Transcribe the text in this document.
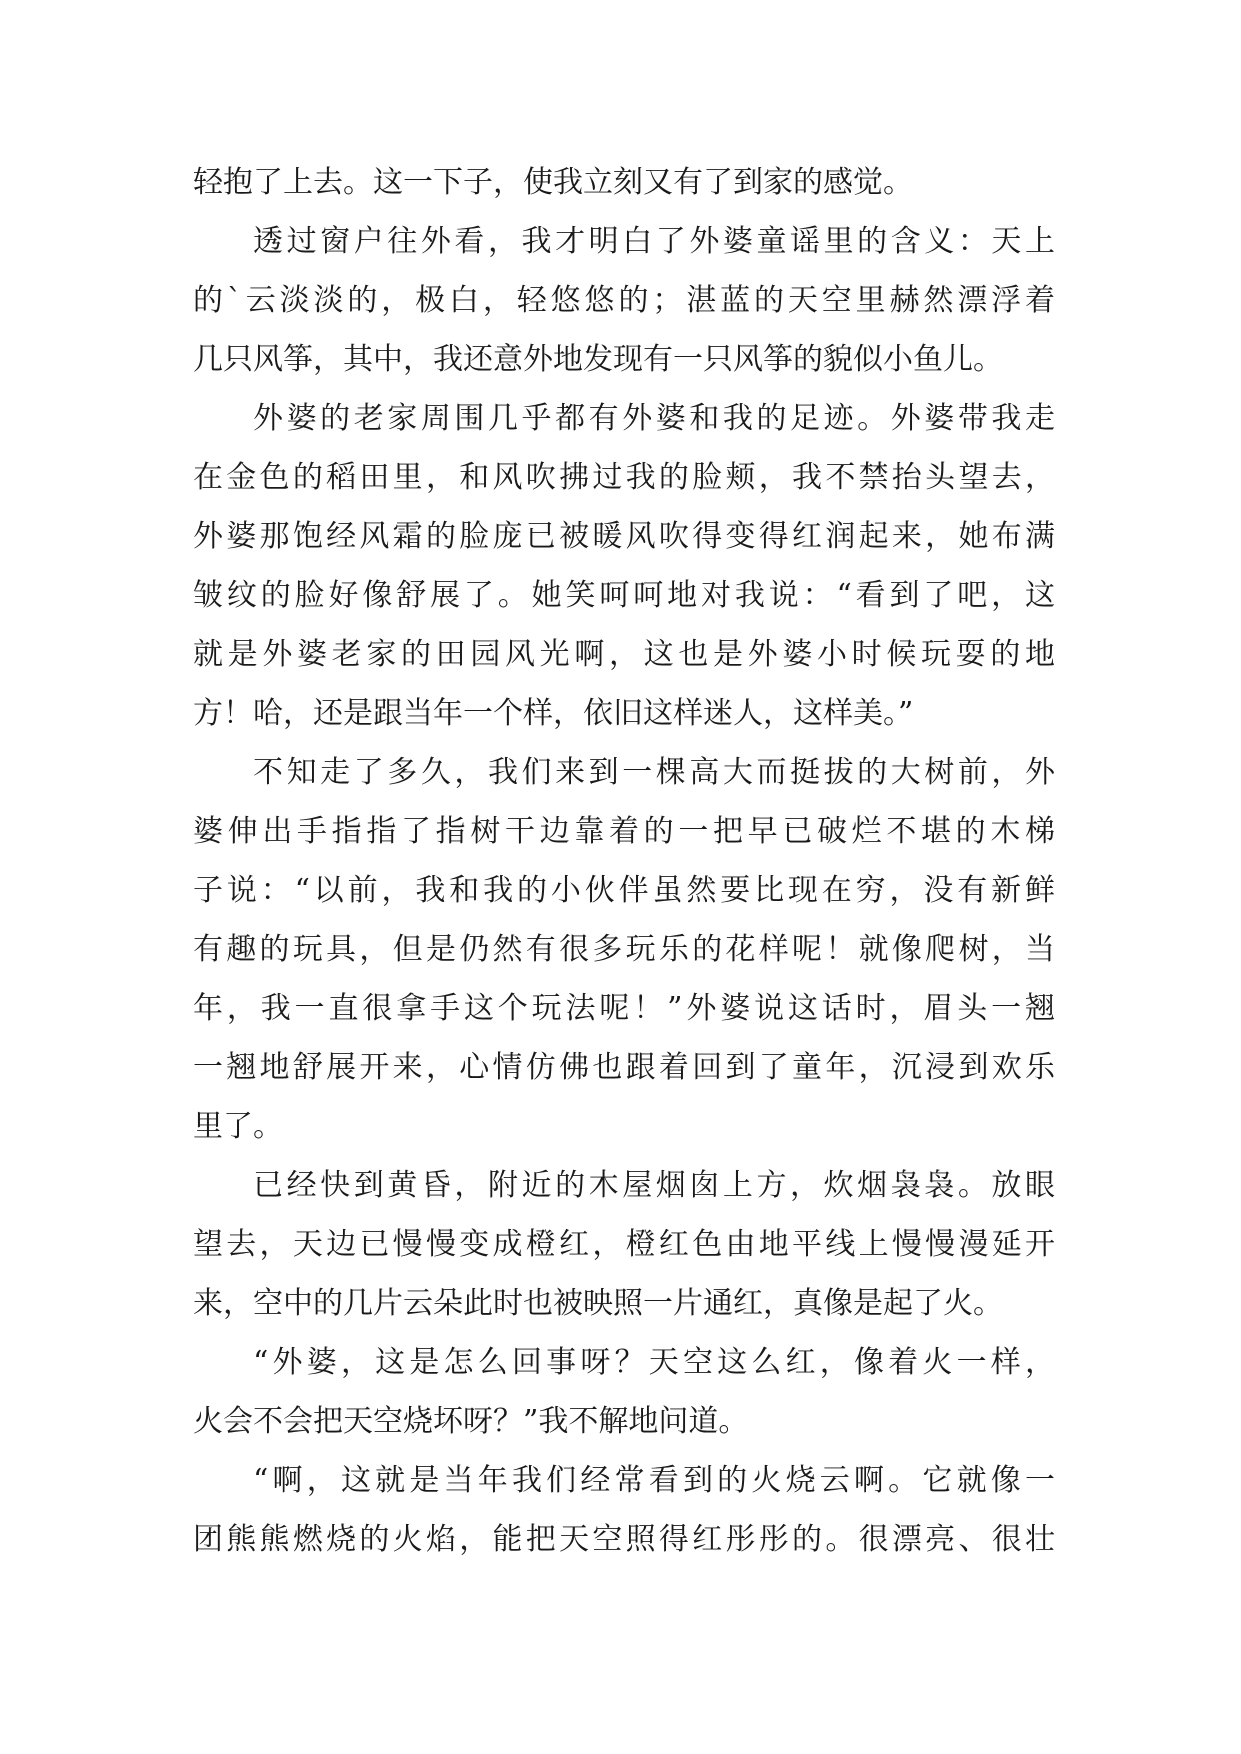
轻抱了上去。这一下子，使我立刻又有了到家的感觉。
透过窗户往外看，我才明白了外婆童谣里的含义：天上
的`云淡淡的，极白，轻悠悠的；湛蓝的天空里赫然漂浮着
几只风筝，其中，我还意外地发现有一只风筝的貌似小鱼儿。
外婆的老家周围几乎都有外婆和我的足迹。外婆带我走
在金色的稻田里，和风吹拂过我的脸颊，我不禁抬头望去，
外婆那饱经风霜的脸庞已被暖风吹得变得红润起来，她布满
皱纹的脸好像舒展了。她笑呵呵地对我说：“看到了吧，这
就是外婆老家的田园风光啊，这也是外婆小时候玩耍的地
方！哈，还是跟当年一个样，依旧这样迷人，这样美。”
不知走了多久，我们来到一棵高大而挺拔的大树前，外
婆伸出手指指了指树干边靠着的一把早已破烂不堪的木梯
子说：“以前，我和我的小伙伴虽然要比现在穷，没有新鲜
有趣的玩具，但是仍然有很多玩乐的花样呢！就像爬树，当
年，我一直很拿手这个玩法呢！”外婆说这话时，眉头一翘
一翘地舒展开来，心情仿佛也跟着回到了童年，沉浸到欢乐
里了。
已经快到黄昏，附近的木屋烟囱上方，炊烟袅袅。放眼
望去，天边已慢慢变成橙红，橙红色由地平线上慢慢漫延开
来，空中的几片云朵此时也被映照一片通红，真像是起了火。
“外婆，这是怎么回事呀？天空这么红，像着火一样，
火会不会把天空烧坏呀？”我不解地问道。
“啊，这就是当年我们经常看到的火烧云啊。它就像一
团熊熊燃烧的火焰，能把天空照得红彤彤的。很漂亮、很壮
